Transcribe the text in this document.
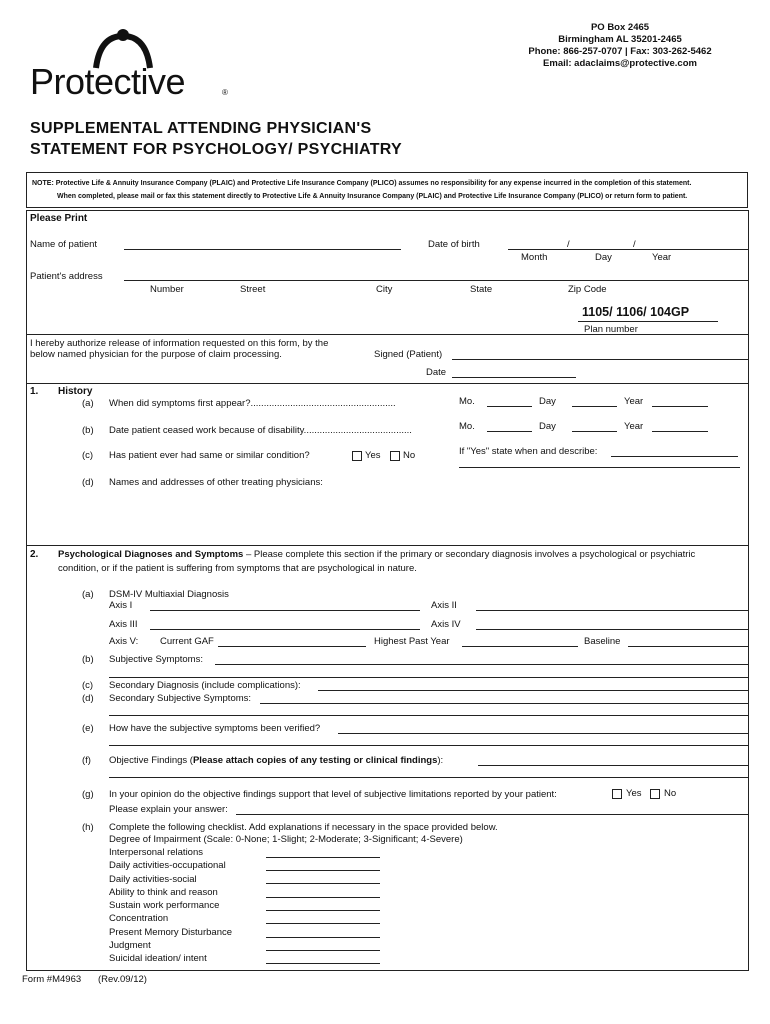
Protective	®
PO Box 2465
Birmingham AL 35201-2465
Phone: 866-257-0707 | Fax: 303-262-5462
Email: adaclaims@protective.com
SUPPLEMENTAL ATTENDING PHYSICIAN'S
STATEMENT FOR PSYCHOLOGY/ PSYCHIATRY
NOTE: Protective Life & Annuity Insurance Company (PLAIC) and Protective Life Insurance Company (PLICO) assumes no responsibility for any expense incurred in the completion of this statement.
When completed, please mail or fax this statement directly to Protective Life & Annuity Insurance Company (PLAIC) and Protective Life Insurance Company (PLICO) or return form to patient.
Please Print
Name of patient	Date of birth	/	/
Month	Day	Year
Patient's address
Number	Street	City	State	Zip Code
1105/ 1106/ 104GP
Plan number
I hereby authorize release of information requested on this form, by the
below named physician for the purpose of claim processing.	Signed (Patient)
Date
1. History
(a) When did symptoms first appear?.......................................................	Mo.	Day	Year
(b) Date patient ceased work because of disability.........................................	Mo.	Day	Year
(c) Has patient ever had same or similar condition?	Yes No	If "Yes" state when and describe:
(d) Names and addresses of other treating physicians:
2. Psychological Diagnoses and Symptoms – Please complete this section if the primary or secondary diagnosis involves a psychological or psychiatric
condition, or if the patient is suffering from symptoms that are psychological in nature.
(a) DSM-IV Multiaxial Diagnosis
Axis I	Axis II
Axis III	Axis IV
Axis V: Current GAF	Highest Past Year	Baseline
(b) Subjective Symptoms:
(c) Secondary Diagnosis (include complications):
(d) Secondary Subjective Symptoms:
(e) How have the subjective symptoms been verified?
(f) Objective Findings (Please attach copies of any testing or clinical findings):
(g) In your opinion do the objective findings support that level of subjective limitations reported by your patient:	Yes No
Please explain your answer:
(h) Complete the following checklist. Add explanations if necessary in the space provided below.
Degree of Impairment (Scale: 0-None; 1-Slight; 2-Moderate; 3-Significant; 4-Severe)
Interpersonal relations
Daily activities-occupational
Daily activities-social
Ability to think and reason
Sustain work performance
Concentration
Present Memory Disturbance
Judgment
Suicidal ideation/ intent
Form #M4963 (Rev.09/12)
